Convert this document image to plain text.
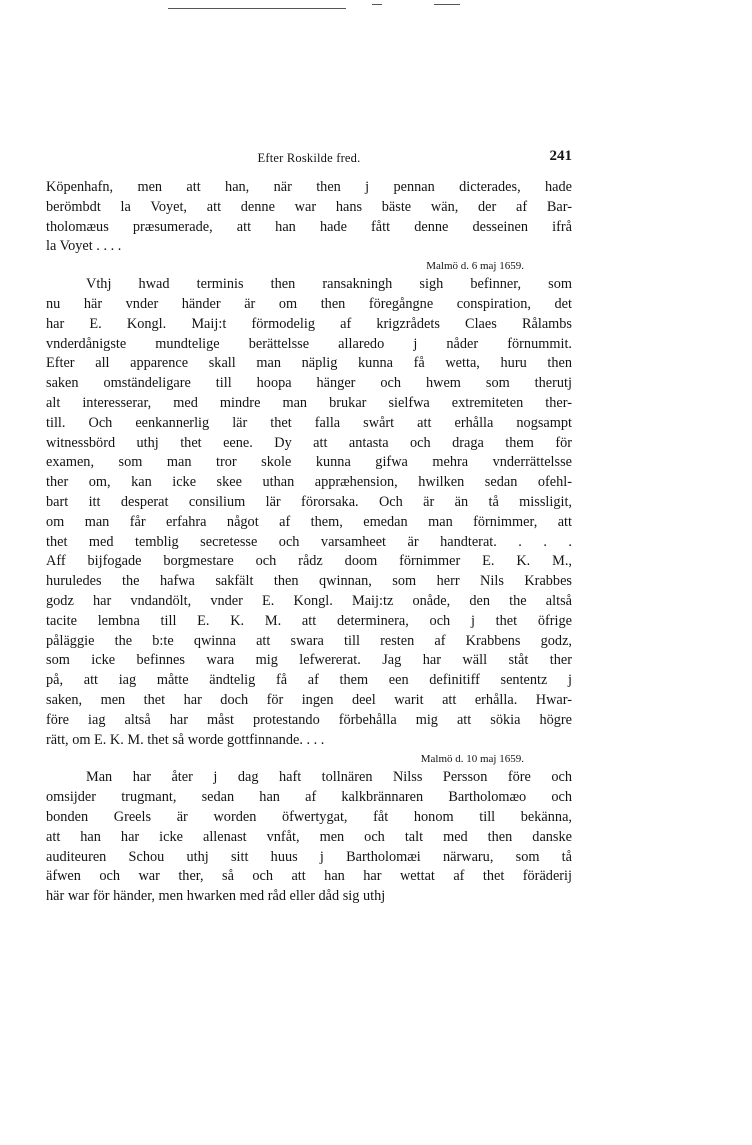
Efter Roskilde fred.	241
Köpenhafn, men att han, när then j pennan dicterades, hade
berömbdt la Voyet, att denne war hans bäste wän, der af Bar-
tholomæus præsumerade, att han hade fått denne desseinen ifrå
la Voyet . . . .
Malmö d. 6 maj 1659.
Vthj hwad terminis then ransakningh sigh befinner, som
nu här vnder händer är om then föregångne conspiration, det
har E. Kongl. Maij:t förmodelig af krigzrådets Claes Rålambs
vnderdånigste mundtelige berättelsse allaredo j nåder förnummit.
Efter all apparence skall man näplig kunna få wetta, huru then
saken omständeligare till hoopa hänger och hwem som therutj
alt interesserar, med mindre man brukar sielfwa extremiteten ther-
till. Och eenkannerlig lär thet falla swårt att erhålla nogsampt
witnessbörd uthj thet eene. Dy att antasta och draga them för
examen, som man tror skole kunna gifwa mehra vnderrättelsse
ther om, kan icke skee uthan appræhension, hwilken sedan ofehl-
bart itt desperat consilium lär förorsaka. Och är än tå missligit,
om man får erfahra något af them, emedan man förnimmer, att
thet med temblig secretesse och varsamheet är handterat. . . .
Aff bijfogade borgmestare och rådz doom förnimmer E. K. M.,
huruledes the hafwa sakfält then qwinnan, som herr Nils Krabbes
godz har vndandölt, vnder E. Kongl. Maij:tz onåde, den the altså
tacite lembna till E. K. M. att determinera, och j thet öfrige
påläggie the b:te qwinna att swara till resten af Krabbens godz,
som icke befinnes wara mig lefwererat. Jag har wäll ståt ther
på, att iag måtte ändtelig få af them een definitiff sententz j
saken, men thet har doch för ingen deel warit att erhålla. Hwar-
före iag altså har måst protestando förbehålla mig att sökia högre
rätt, om E. K. M. thet så worde gottfinnande. . . .
Malmö d. 10 maj 1659.
Man har åter j dag haft tollnären Nilss Persson före och
omsijder trugmant, sedan han af kalkbrännaren Bartholomæo och
bonden Greels är worden öfwertygat, fåt honom till bekänna,
att han har icke allenast vnfåt, men och talt med then danske
auditeuren Schou uthj sitt huus j Bartholomæi närwaru, som tå
äfwen och war ther, så och att han har wettat af thet föräderij
här war för händer, men hwarken med råd eller dåd sig uthj
